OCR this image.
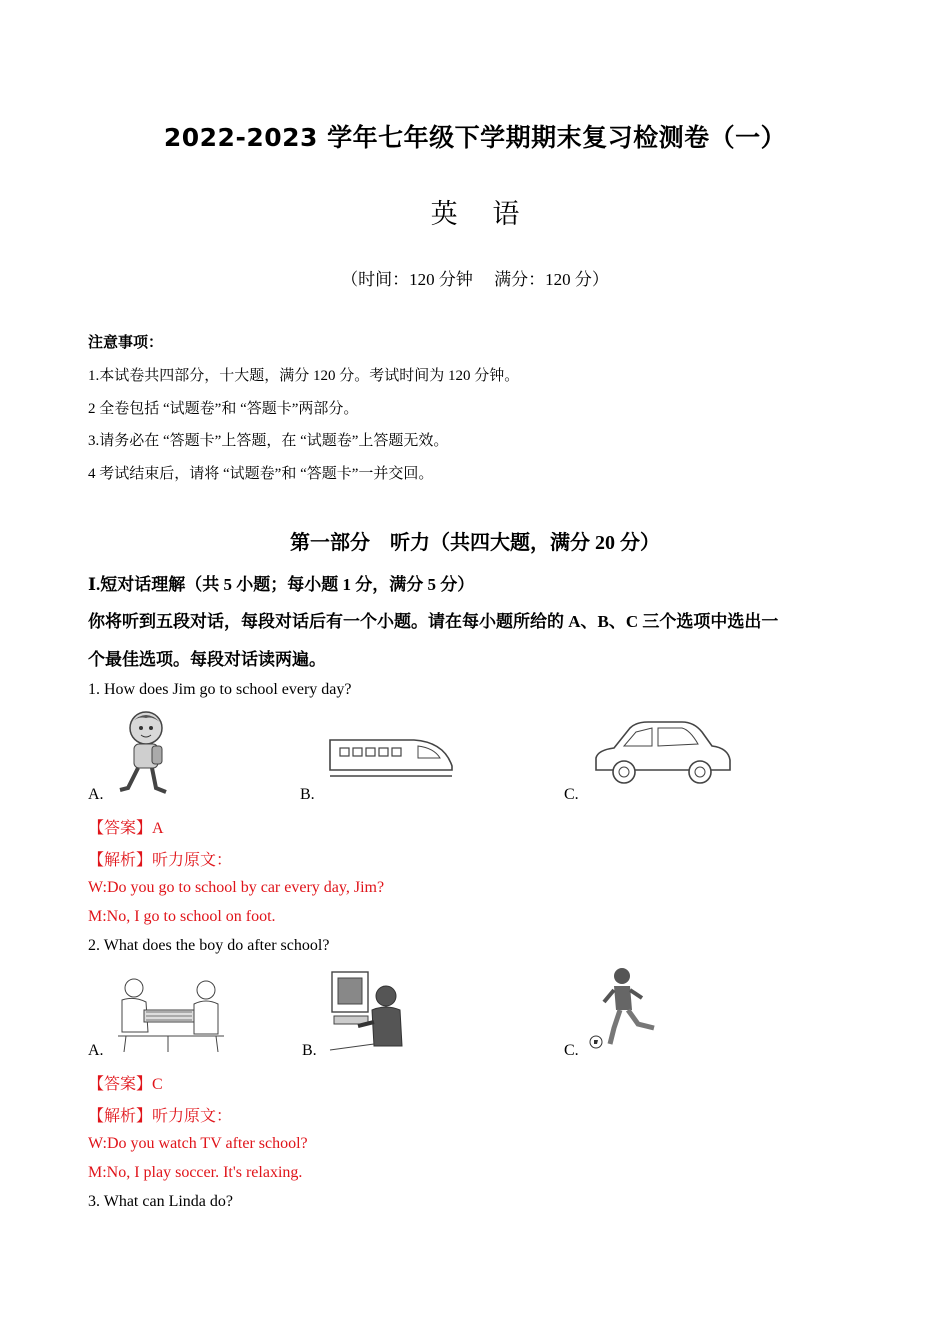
2022-2023 学年七年级下学期期末复习检测卷（一）
英 语
（时间：120 分钟　 满分：120 分）
注意事项：
1.本试卷共四部分，十大题，满分 120 分。考试时间为 120 分钟。
2 全卷包括 “试题卷”和 “答题卡”两部分。
3.请务必在 “答题卡”上答题，在 “试题卷”上答题无效。
4 考试结束后，请将 “试题卷”和 “答题卡”一并交回。
第一部分　听力（共四大题，满分 20 分）
Ⅰ.短对话理解（共 5 小题；每小题 1 分，满分 5 分）
你将听到五段对话，每段对话后有一个小题。请在每小题所给的 A、B、C 三个选项中选出一
个最佳选项。每段对话读两遍。
1. How does Jim go to school every day?
A.	B.	C.
【答案】A
【解析】听力原文：
W:Do you go to school by car every day, Jim?
M:No, I go to school on foot.
2. What does the boy do after school?
A.	B.	C.
【答案】C
【解析】听力原文：
W:Do you watch TV after school?
M:No, I play soccer. It's relaxing.
3. What can Linda do?
